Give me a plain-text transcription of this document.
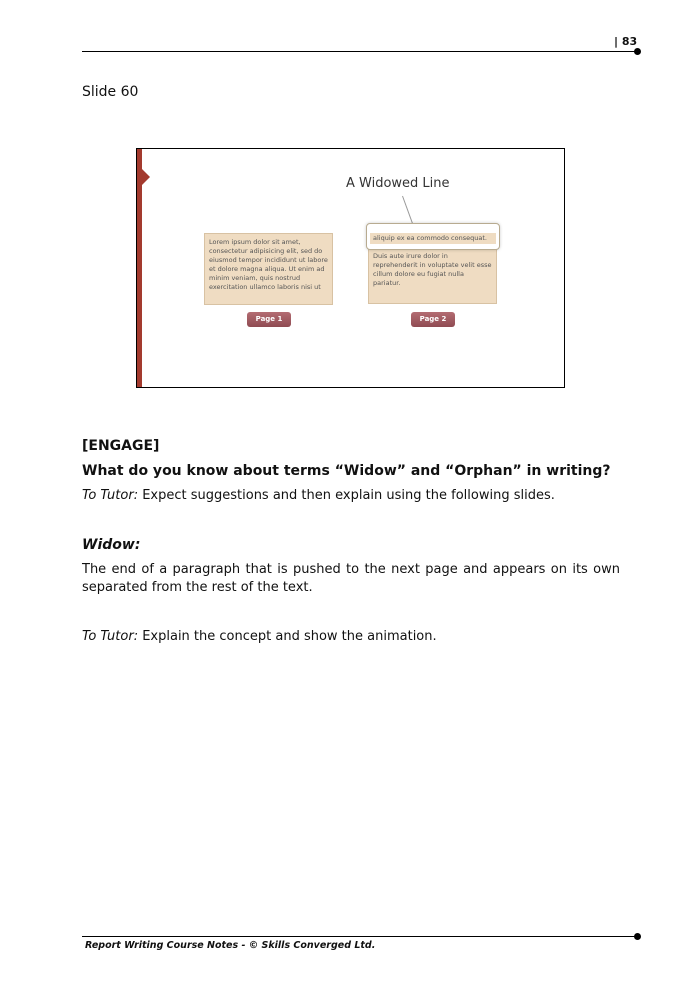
| 83
Slide 60
A Widowed Line
Lorem ipsum dolor sit amet, consectetur adipisicing elit, sed do eiusmod tempor incididunt ut labore et dolore magna aliqua. Ut enim ad minim veniam, quis nostrud exercitation ullamco laboris nisi ut
Duis aute irure dolor in reprehenderit in voluptate velit esse cillum dolore eu fugiat nulla pariatur.
aliquip ex ea commodo consequat.
Page 1	Page 2
[ENGAGE]
What do you know about terms “Widow” and “Orphan” in writing?
To Tutor: Expect suggestions and then explain using the following slides.
Widow:
The end of a paragraph that is pushed to the next page and appears on its own separated from the rest of the text.
To Tutor: Explain the concept and show the animation.
Report Writing Course Notes - © Skills Converged Ltd.
